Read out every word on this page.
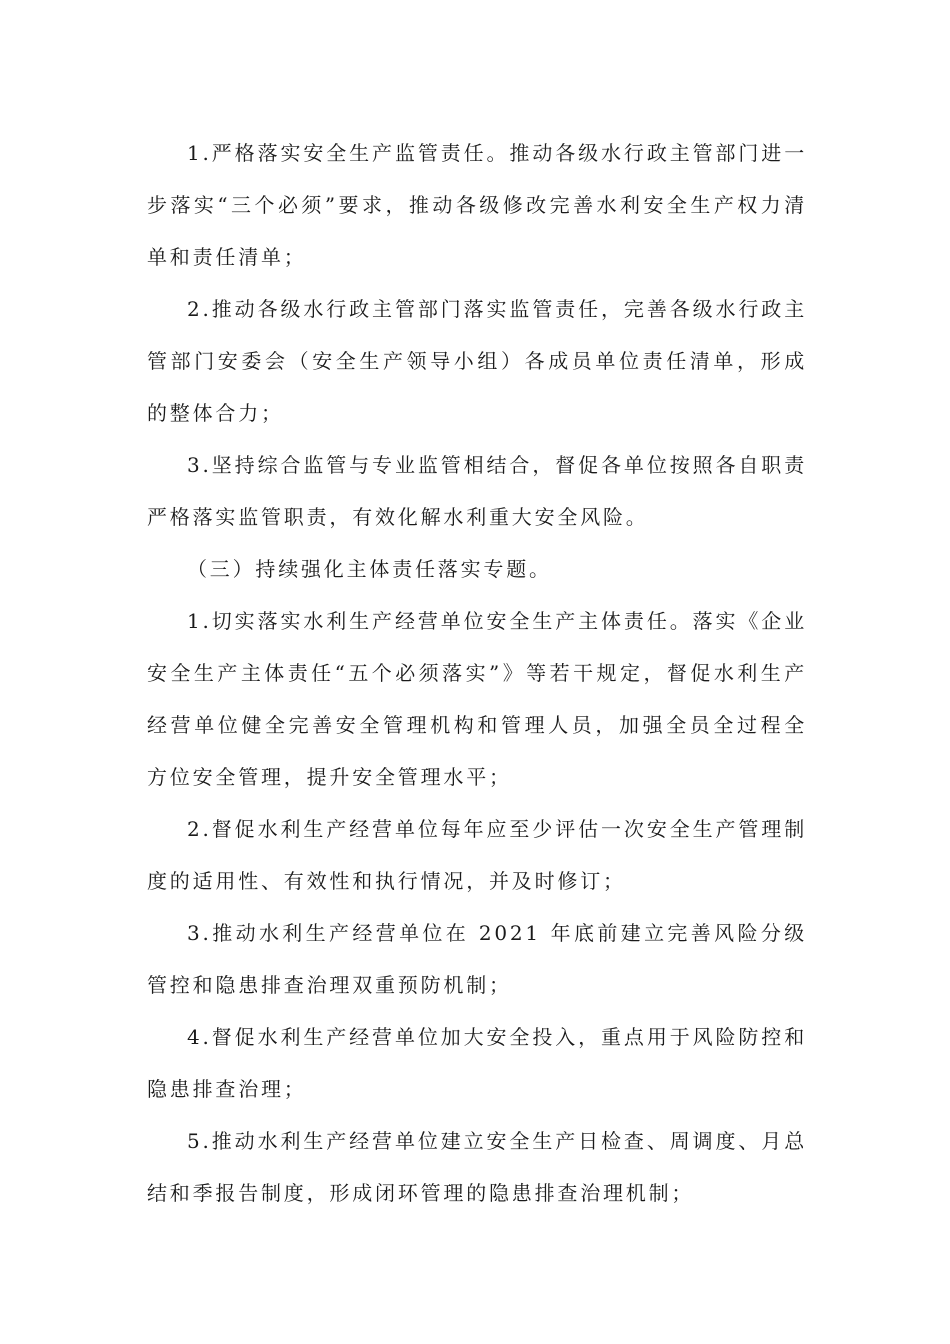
1.严格落实安全生产监管责任。推动各级水行政主管部门进一步落实“三个必须”要求，推动各级修改完善水利安全生产权力清单和责任清单；

2.推动各级水行政主管部门落实监管责任，完善各级水行政主管部门安委会（安全生产领导小组）各成员单位责任清单，形成的整体合力；

3.坚持综合监管与专业监管相结合，督促各单位按照各自职责严格落实监管职责，有效化解水利重大安全风险。

（三）持续强化主体责任落实专题。

1.切实落实水利生产经营单位安全生产主体责任。落实《企业安全生产主体责任“五个必须落实”》等若干规定，督促水利生产经营单位健全完善安全管理机构和管理人员，加强全员全过程全方位安全管理，提升安全管理水平；

2.督促水利生产经营单位每年应至少评估一次安全生产管理制度的适用性、有效性和执行情况，并及时修订；

3.推动水利生产经营单位在 2021 年底前建立完善风险分级管控和隐患排查治理双重预防机制；

4.督促水利生产经营单位加大安全投入，重点用于风险防控和隐患排查治理；

5.推动水利生产经营单位建立安全生产日检查、周调度、月总结和季报告制度，形成闭环管理的隐患排查治理机制；
